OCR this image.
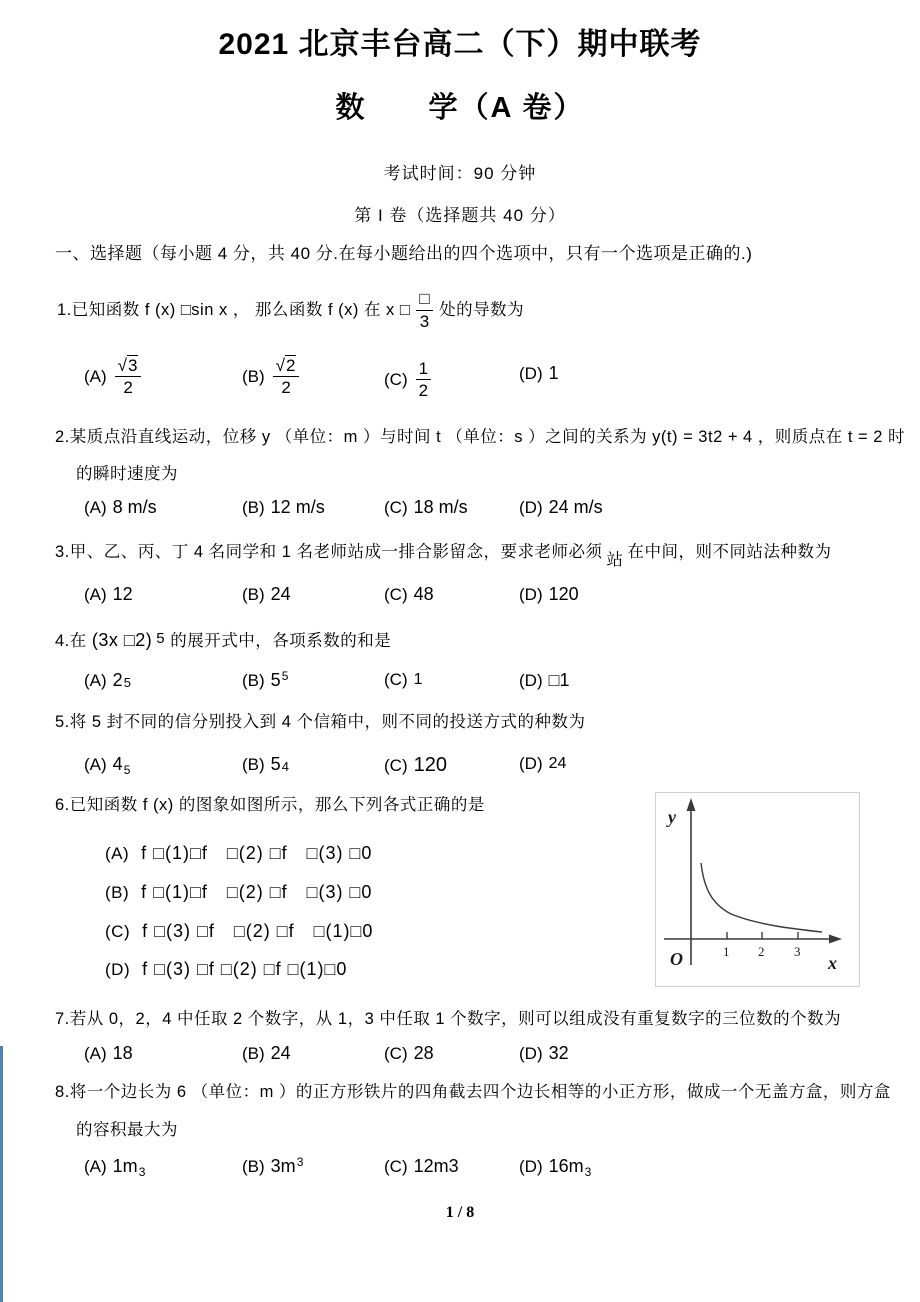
2021 北京丰台高二（下）期中联考
数　　学（A 卷）
考试时间：90 分钟
第 I 卷（选择题共 40 分）
一、选择题（每小题 4 分，共 40 分.在每小题给出的四个选项中，只有一个选项是正确的.)
1.已知函数 f (x) □sin x ， 那么函数 f (x) 在 x □ $\frac{□}{3}$ 处的导数为
$(A) \frac{√3}{2}$	$(B) \frac{√2}{2}$	$(C) \frac{1}{2}$	(D) 1
2.某质点沿直线运动，位移 y （单位：m ）与时间 t （单位：s ）之间的关系为 y(t) = 3t2 + 4 ，则质点在 t = 2 时
的瞬时速度为
(A) 8 m/s	(B) 12 m/s	(C) 18 m/s	(D) 24 m/s
3.甲、乙、丙、丁 4 名同学和 1 名老师站成一排合影留念，要求老师必须 站 在中间，则不同站法种数为
(A) 12	(B) 24	(C) 48	(D) 120
4.在 (3x □2) 5 的展开式中，各项系数的和是
(A) 25	(B) $5^5$	(C) 1	(D) □1
5.将 5 封不同的信分别投入到 4 个信箱中，则不同的投送方式的种数为
(A) $4_5$	(B) 54	(C) 120	(D) 24
6.已知函数 f (x) 的图象如图所示，那么下列各式正确的是
(A) f □(1)□f　□(2) □f　□(3) □0
(B) f □(1)□f　□(2) □f　□(3) □0
(C) f □(3) □f　□(2) □f　□(1)□0
(D) f □(3) □f □(2) □f □(1)□0
y
x
O	1 2 3
7.若从 0，2，4 中任取 2 个数字，从 1，3 中任取 1 个数字，则可以组成没有重复数字的三位数的个数为
(A) 18	(B) 24	(C) 28	(D) 32
8.将一个边长为 6 （单位：m ）的正方形铁片的四角截去四个边长相等的小正方形，做成一个无盖方盒，则方盒
的容积最大为
(A) $1m_3$	(B) $3m^3$	(C) 12m3	(D) $16m_3$
1 / 8
